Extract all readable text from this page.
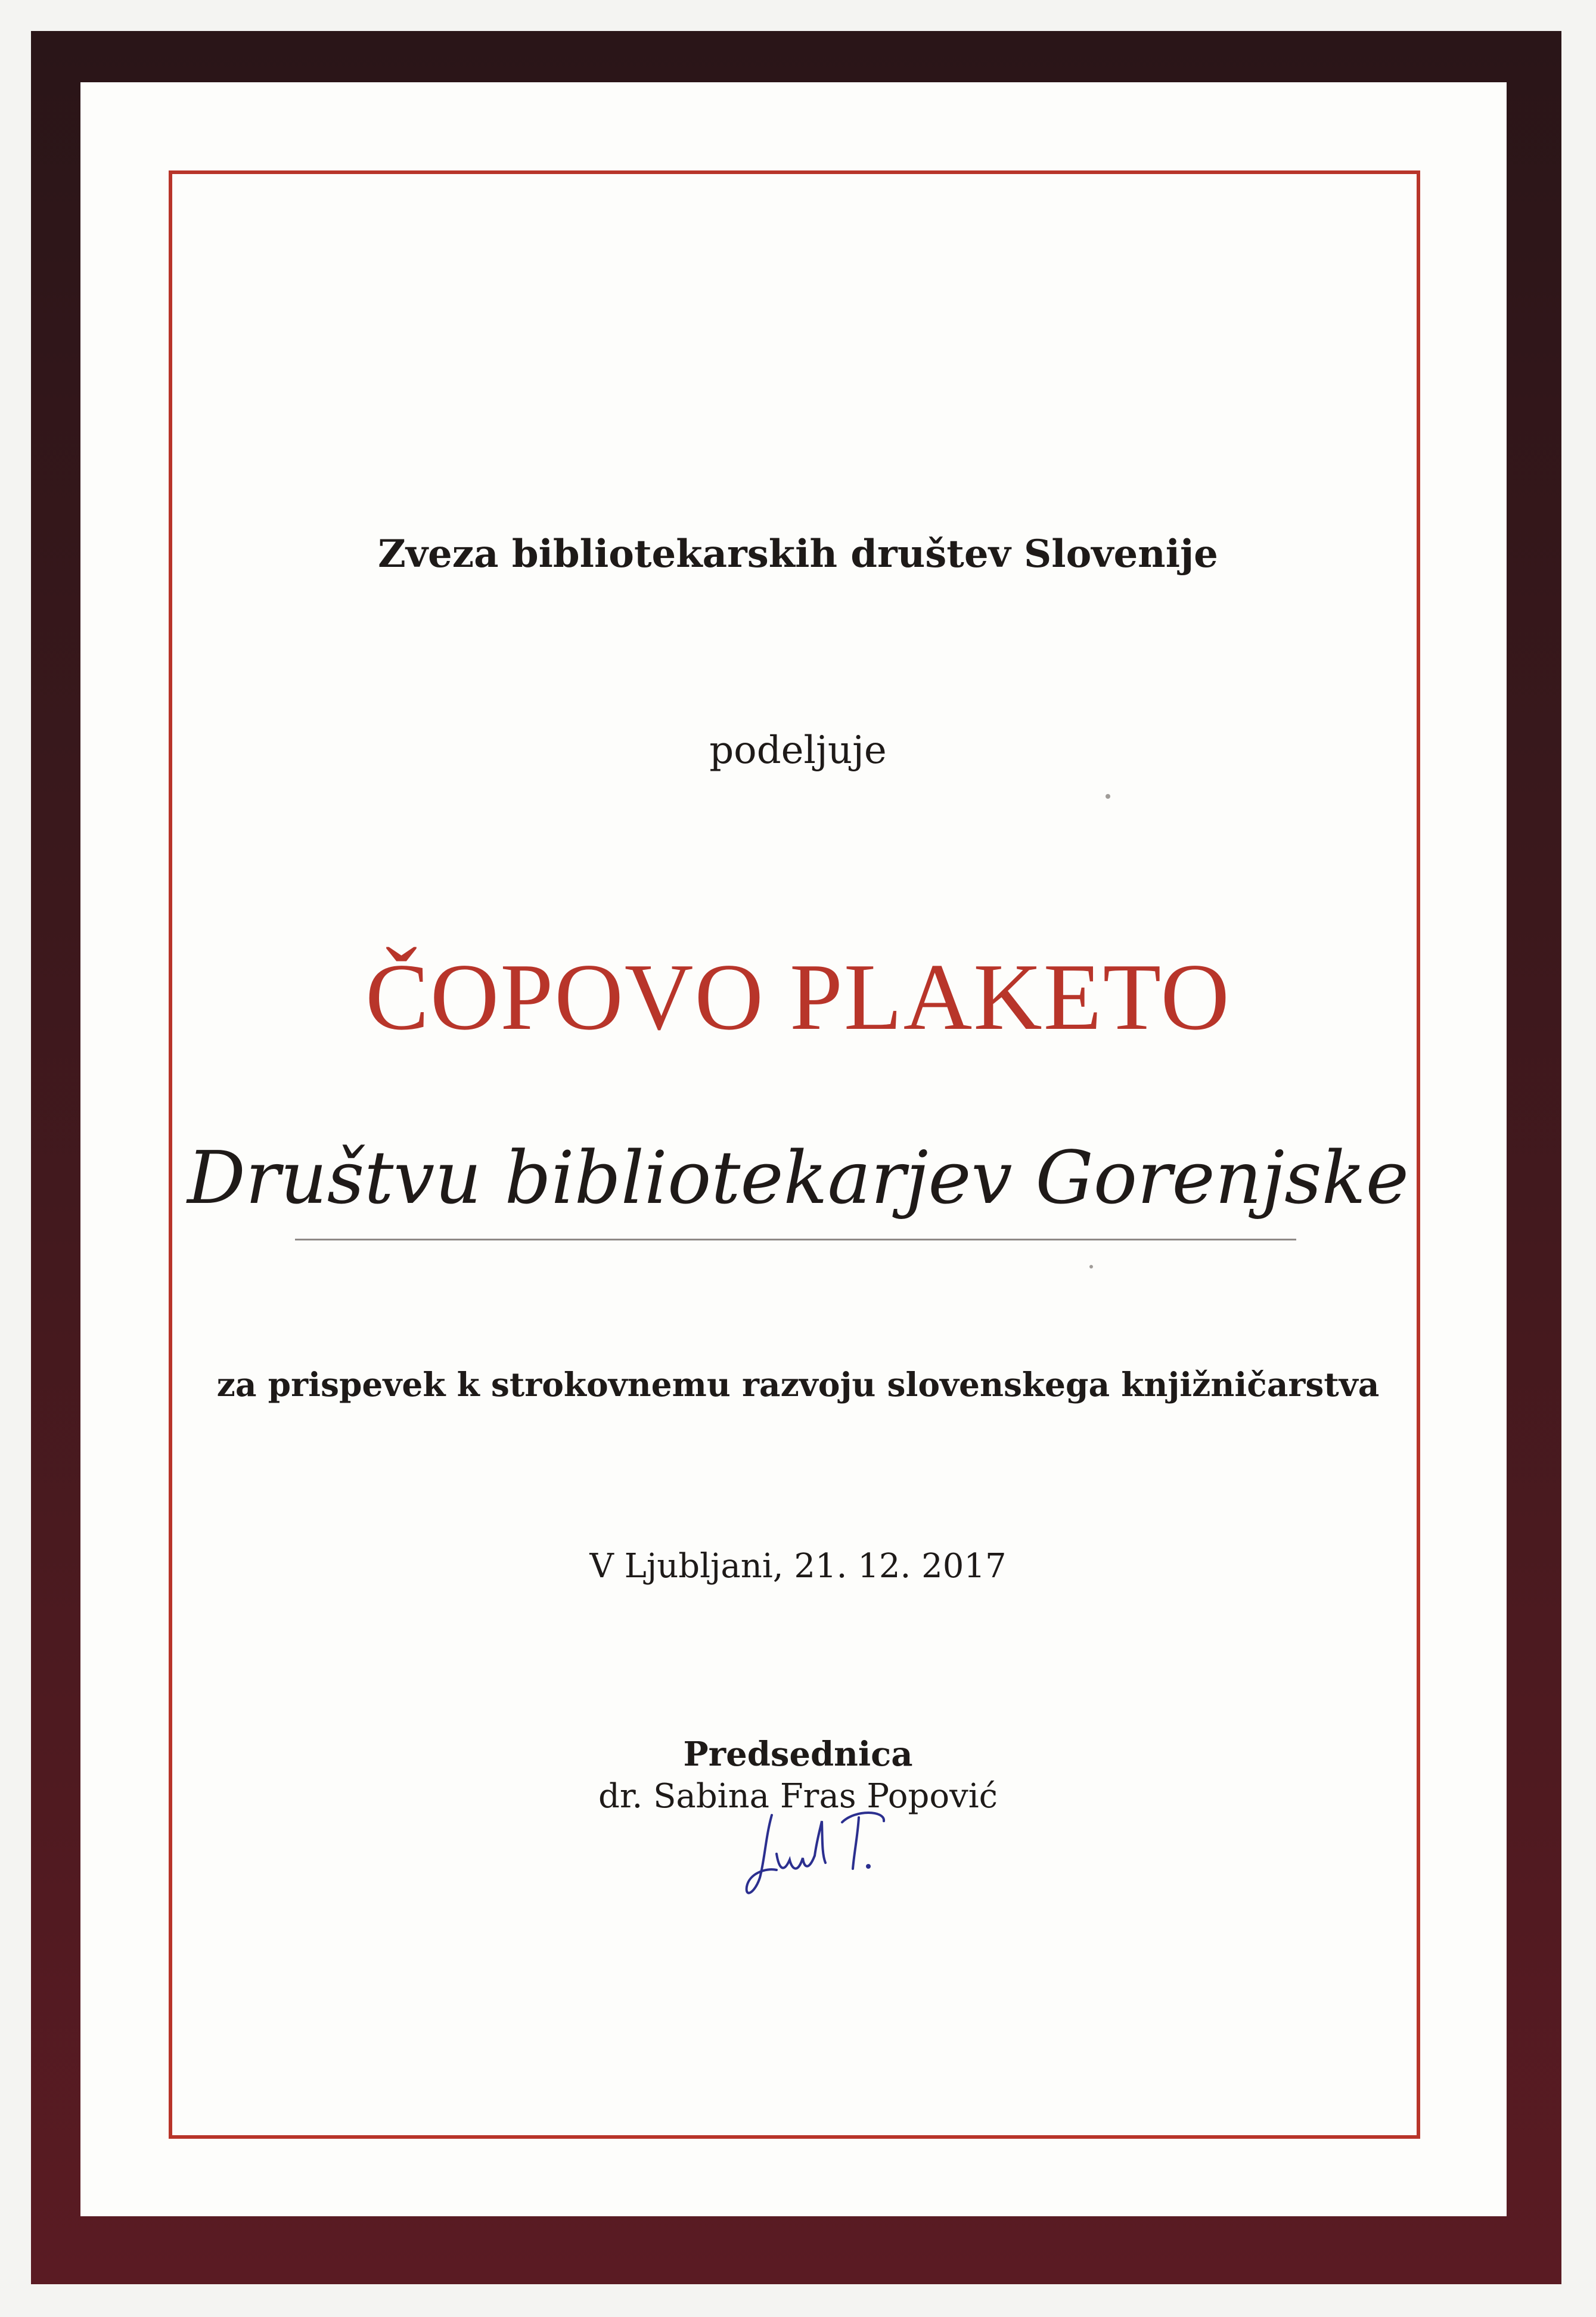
Zveza bibliotekarskih društev Slovenije
podeljuje
ČOPOVO PLAKETO
Društvu bibliotekarjev Gorenjske
za prispevek k strokovnemu razvoju slovenskega knjižničarstva
V Ljubljani, 21. 12. 2017
Predsednica
dr. Sabina Fras Popović
